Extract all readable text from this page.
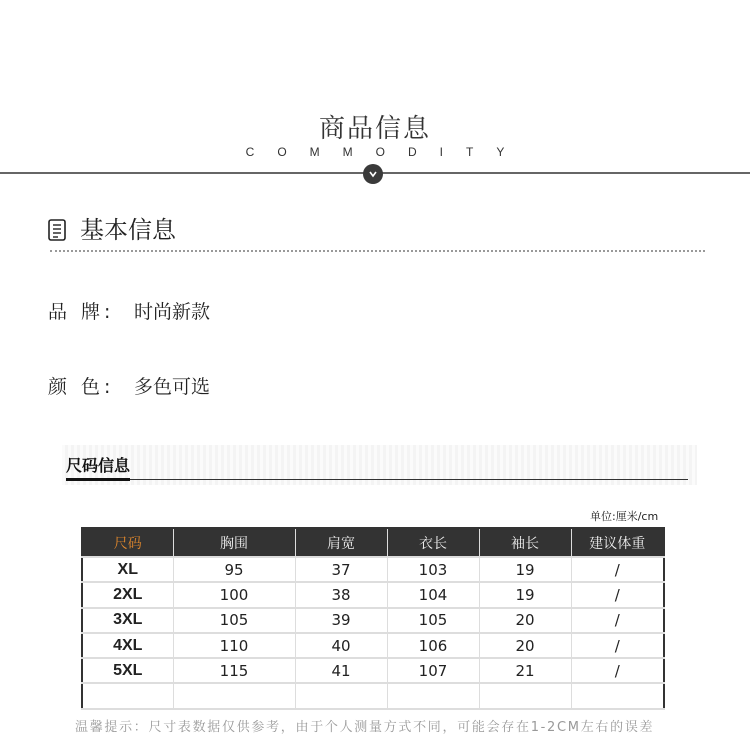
商品信息
COMMODITY
基本信息
品 牌:	时尚新款
颜 色:	多色可选
尺码信息
单位:厘米/cm
尺码	胸围	肩宽	衣长	袖长	建议体重
XL	95	37	103	19	/
2XL	100	38	104	19	/
3XL	105	39	105	20	/
4XL	110	40	106	20	/
5XL	115	41	107	21	/

温馨提示：尺寸表数据仅供参考，由于个人测量方式不同，可能会存在1-2CM左右的误差
